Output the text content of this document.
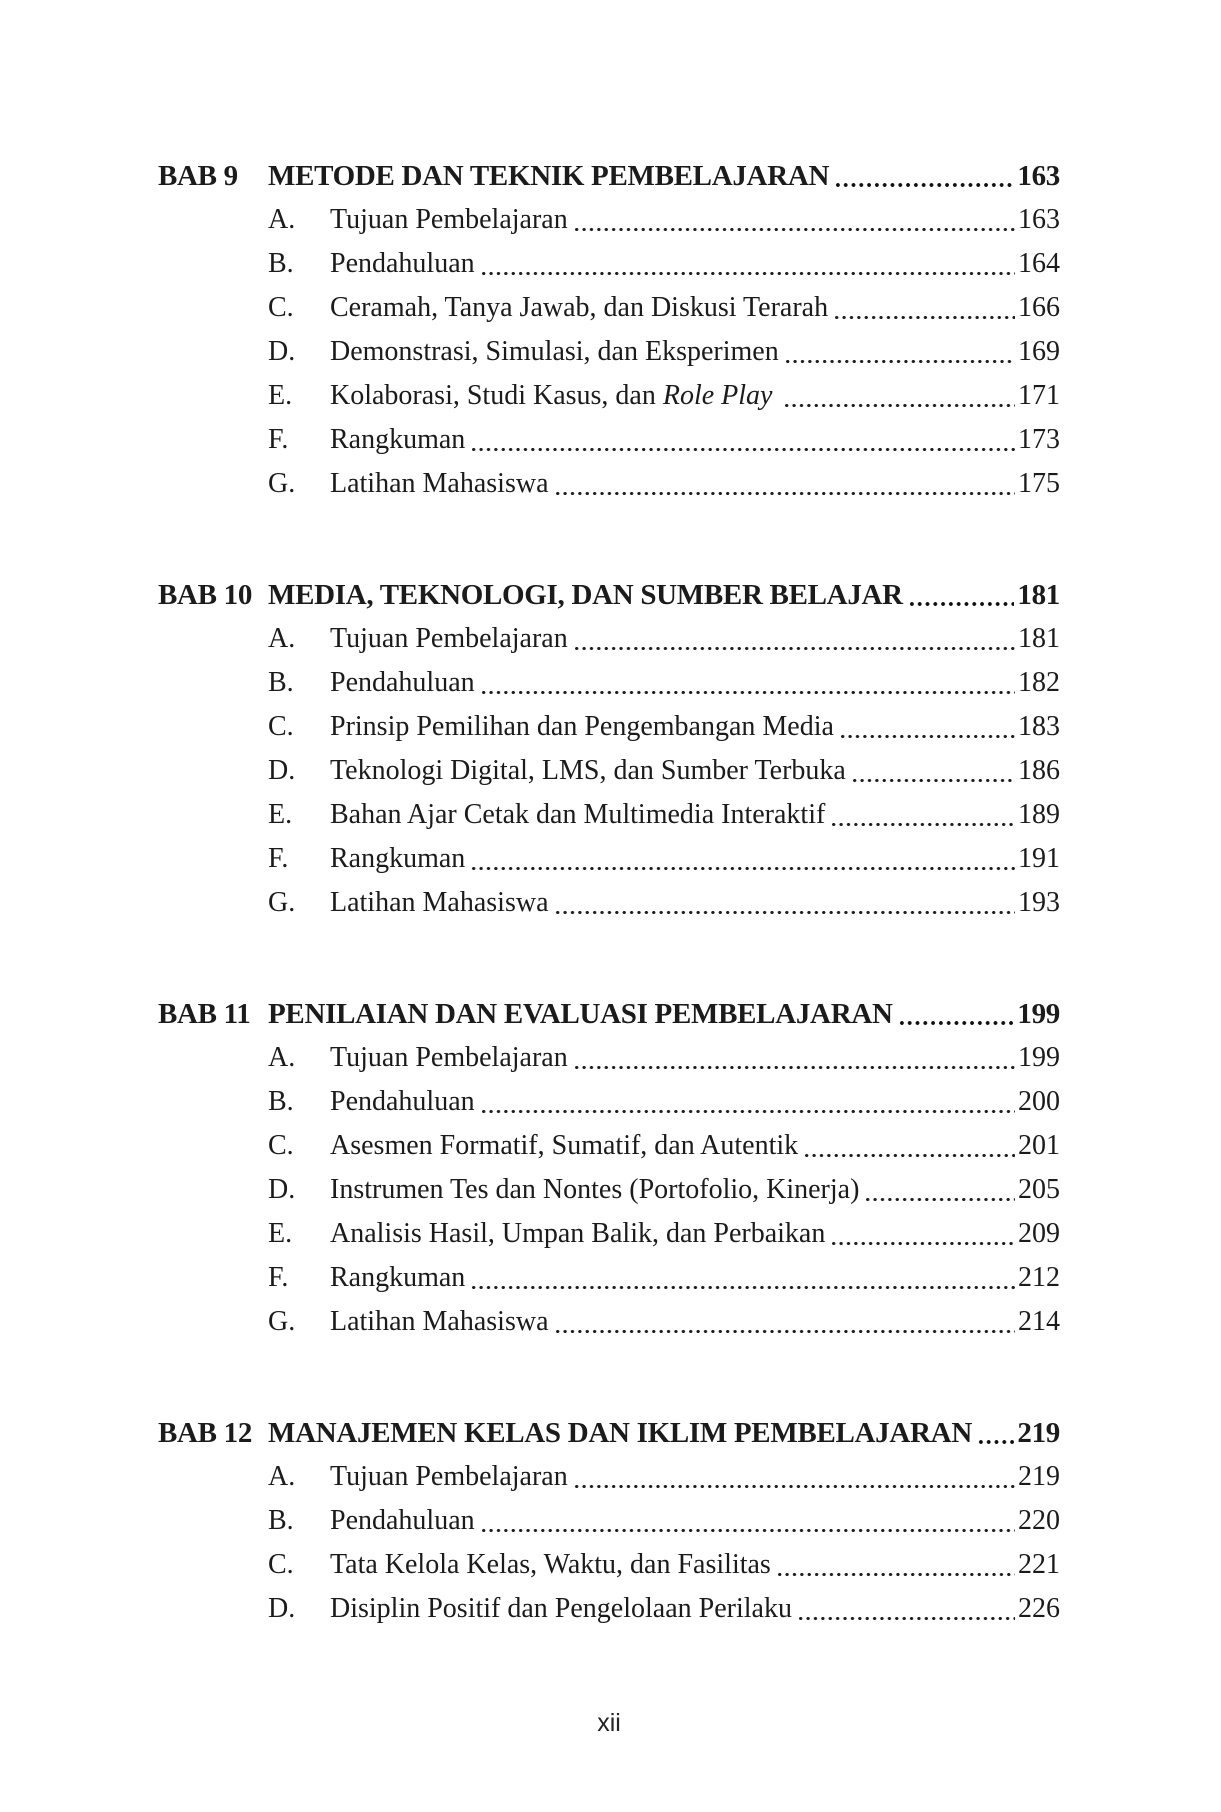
BAB 9	METODE DAN TEKNIK PEMBELAJARAN	163
A.	Tujuan Pembelajaran	163
B.	Pendahuluan	164
C.	Ceramah, Tanya Jawab, dan Diskusi Terarah	166
D.	Demonstrasi, Simulasi, dan Eksperimen	169
E.	Kolaborasi, Studi Kasus, dan Role Play	171
F.	Rangkuman	173
G.	Latihan Mahasiswa	175
BAB 10 MEDIA, TEKNOLOGI, DAN SUMBER BELAJAR	181
A.	Tujuan Pembelajaran	181
B.	Pendahuluan	182
C.	Prinsip Pemilihan dan Pengembangan Media	183
D.	Teknologi Digital, LMS, dan Sumber Terbuka	186
E.	Bahan Ajar Cetak dan Multimedia Interaktif	189
F.	Rangkuman	191
G.	Latihan Mahasiswa	193
BAB 11 PENILAIAN DAN EVALUASI PEMBELAJARAN	199
A.	Tujuan Pembelajaran	199
B.	Pendahuluan	200
C.	Asesmen Formatif, Sumatif, dan Autentik	201
D.	Instrumen Tes dan Nontes (Portofolio, Kinerja)	205
E.	Analisis Hasil, Umpan Balik, dan Perbaikan	209
F.	Rangkuman	212
G.	Latihan Mahasiswa	214
BAB 12 MANAJEMEN KELAS DAN IKLIM PEMBELAJARAN 219
A.	Tujuan Pembelajaran	219
B.	Pendahuluan	220
C.	Tata Kelola Kelas, Waktu, dan Fasilitas	221
D.	Disiplin Positif dan Pengelolaan Perilaku	226
xii
